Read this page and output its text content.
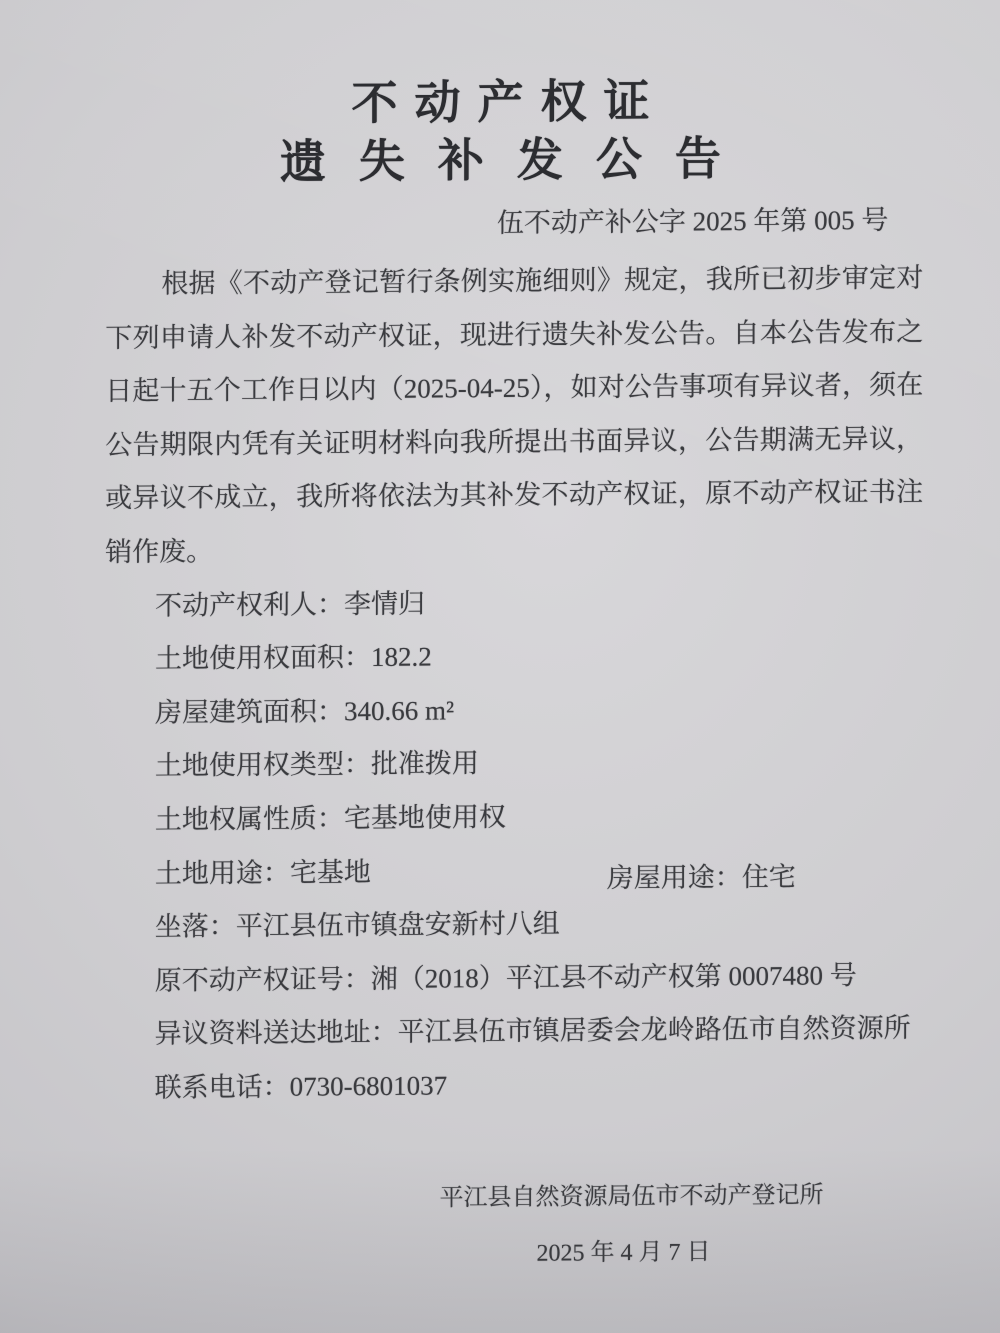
不动产权证
遗失补发公告
伍不动产补公字 2025 年第 005 号

根据《不动产登记暂行条例实施细则》规定，我所已初步审定对下列申请人补发不动产权证，现进行遗失补发公告。自本公告发布之日起十五个工作日以内（2025-04-25），如对公告事项有异议者，须在公告期限内凭有关证明材料向我所提出书面异议，公告期满无异议，或异议不成立，我所将依法为其补发不动产权证，原不动产权证书注销作废。

不动产权利人：李情归
土地使用权面积：182.2
房屋建筑面积：340.66 m²
土地使用权类型：批准拨用
土地权属性质：宅基地使用权
土地用途：宅基地	房屋用途：住宅
坐落：平江县伍市镇盘安新村八组
原不动产权证号：湘（2018）平江县不动产权第 0007480 号
异议资料送达地址：平江县伍市镇居委会龙岭路伍市自然资源所
联系电话：0730-6801037
平江县自然资源局伍市不动产登记所
2025 年 4 月 7 日
